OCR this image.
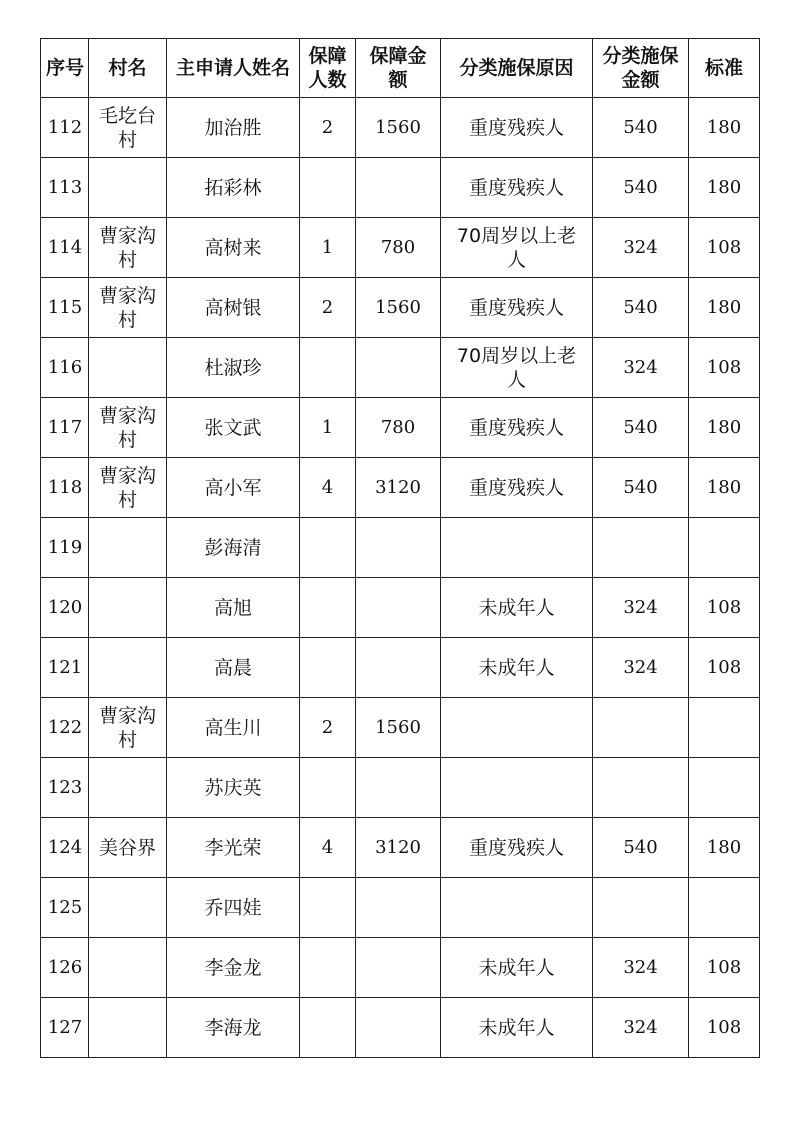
序号	村名	主申请人姓名	保障人数	保障金额	分类施保原因	分类施保金额	标准
112	毛圪台村	加治胜	2	1560	重度残疾人	540	180
113		拓彩林			重度残疾人	540	180
114	曹家沟村	高树来	1	780	70周岁以上老人	324	108
115	曹家沟村	高树银	2	1560	重度残疾人	540	180
116		杜淑珍			70周岁以上老人	324	108
117	曹家沟村	张文武	1	780	重度残疾人	540	180
118	曹家沟村	高小军	4	3120	重度残疾人	540	180
119		彭海清					
120		高旭			未成年人	324	108
121		高晨			未成年人	324	108
122	曹家沟村	高生川	2	1560			
123		苏庆英					
124	美谷界	李光荣	4	3120	重度残疾人	540	180
125		乔四娃					
126		李金龙			未成年人	324	108
127		李海龙			未成年人	324	108
